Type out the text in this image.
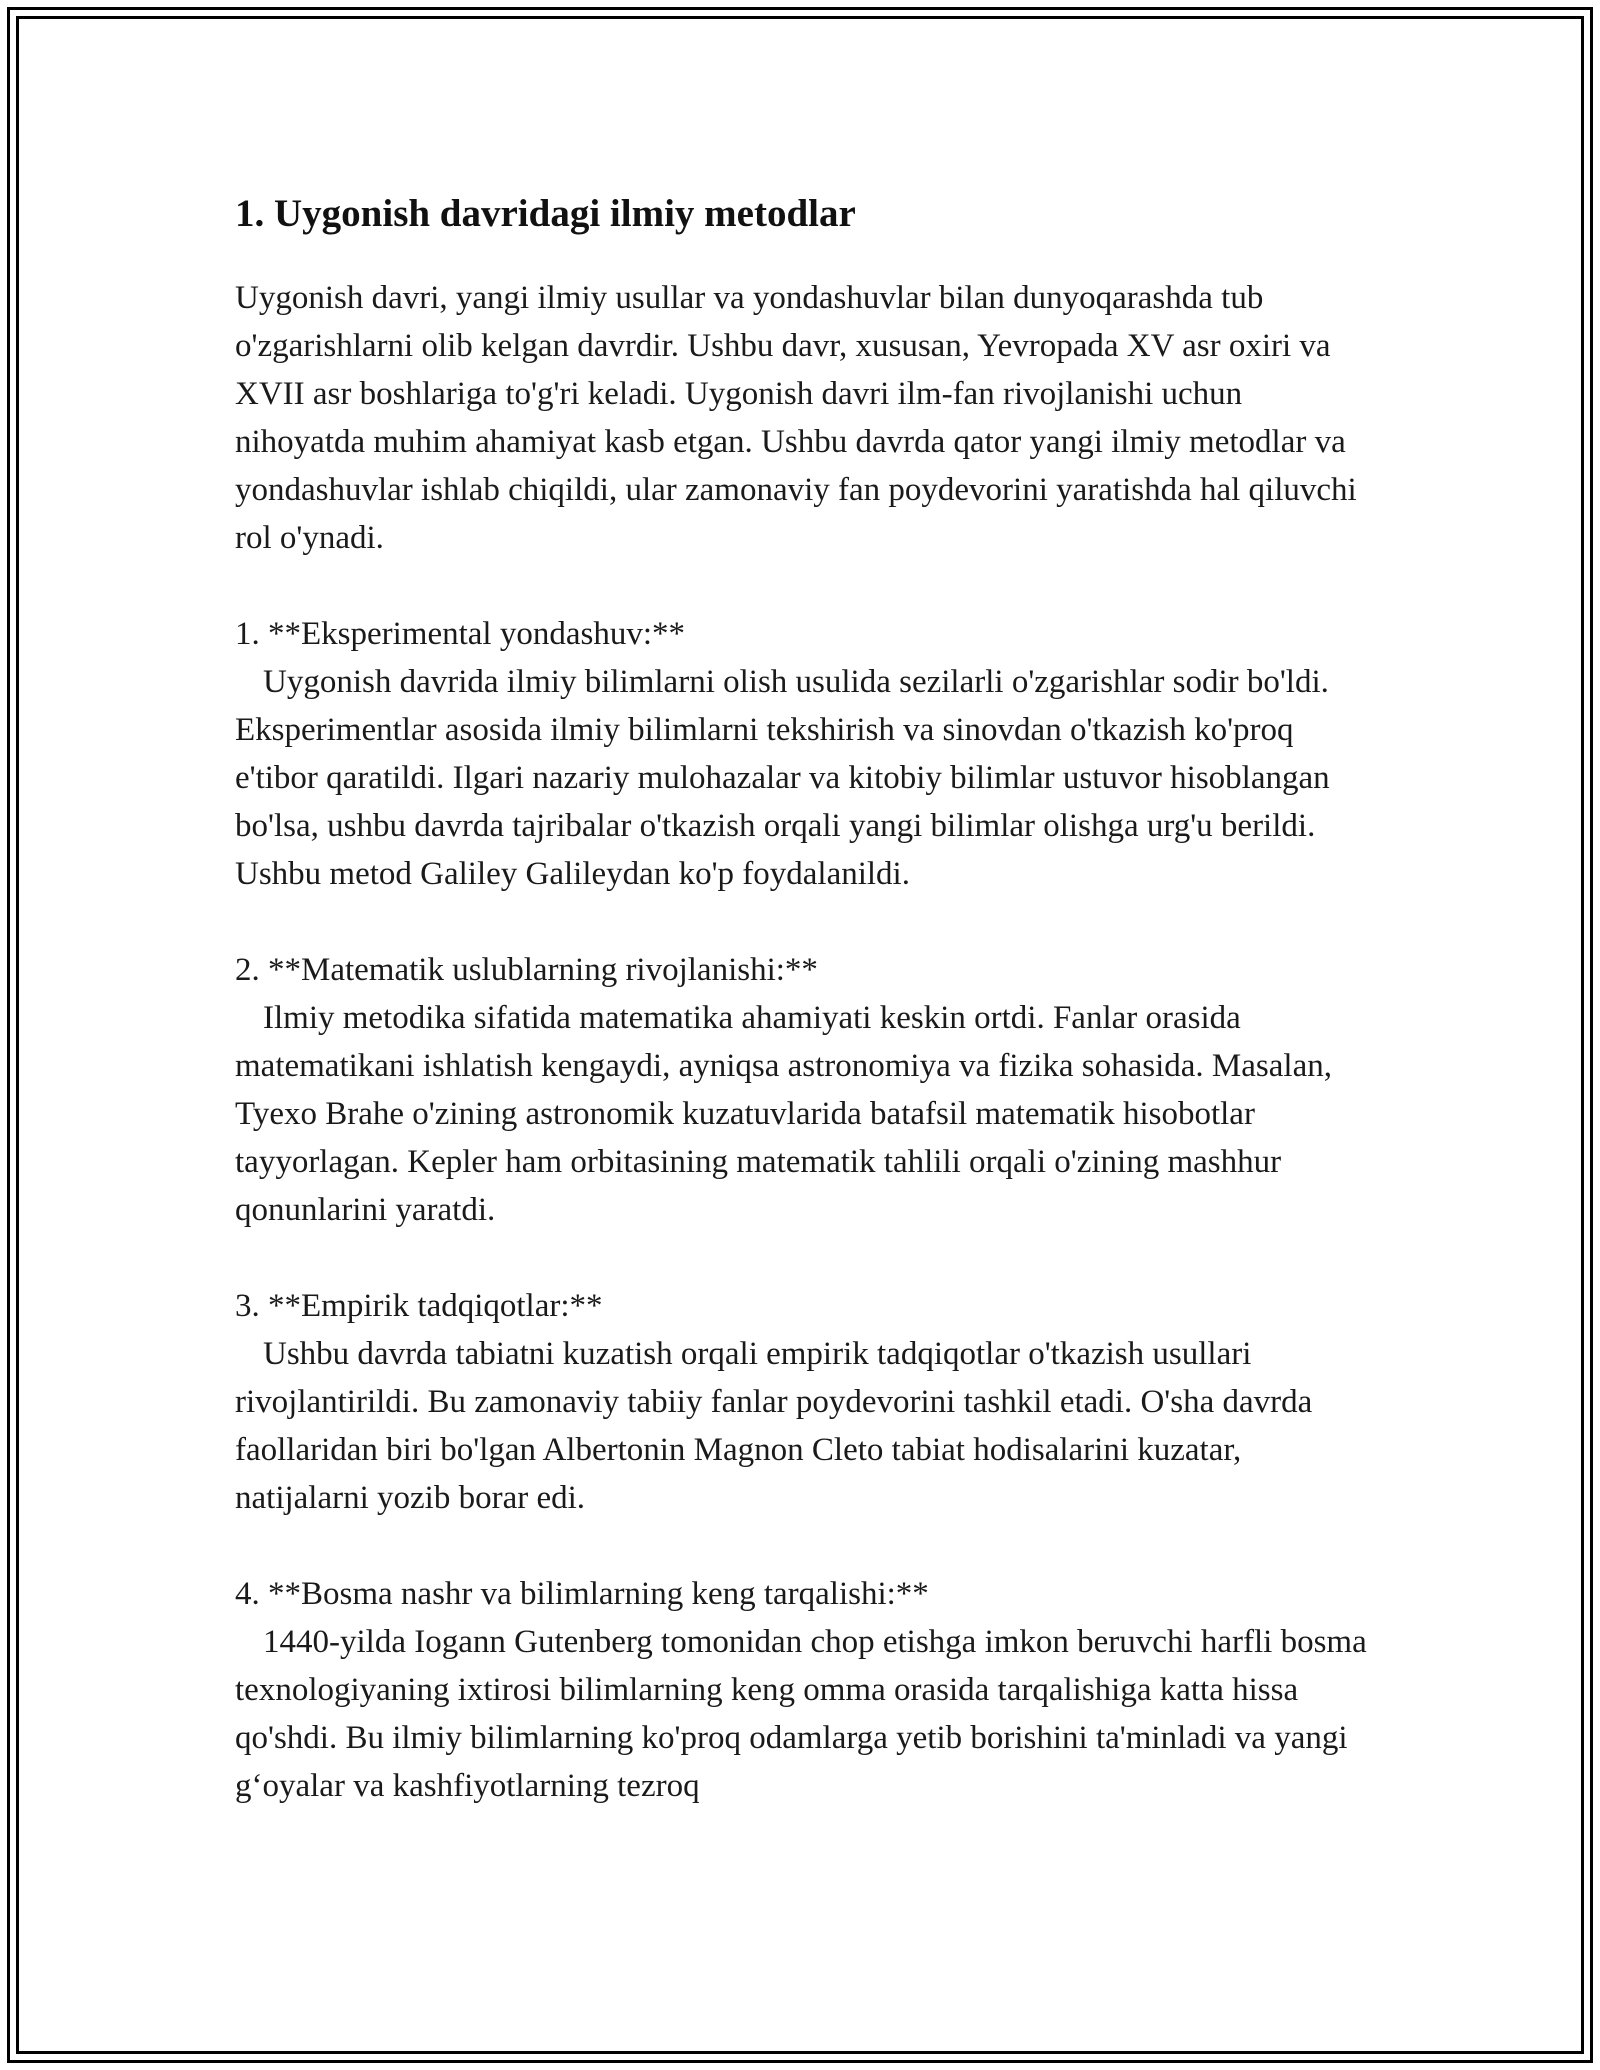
1. Uygonish davridagi ilmiy metodlar

Uygonish davri, yangi ilmiy usullar va yondashuvlar bilan dunyoqarashda tub o'zgarishlarni olib kelgan davrdir. Ushbu davr, xususan, Yevropada XV asr oxiri va XVII asr boshlariga to'g'ri keladi. Uygonish davri ilm-fan rivojlanishi uchun nihoyatda muhim ahamiyat kasb etgan. Ushbu davrda qator yangi ilmiy metodlar va yondashuvlar ishlab chiqildi, ular zamonaviy fan poydevorini yaratishda hal qiluvchi rol o'ynadi.

1. **Eksperimental yondashuv:**

Uygonish davrida ilmiy bilimlarni olish usulida sezilarli o'zgarishlar sodir bo'ldi. Eksperimentlar asosida ilmiy bilimlarni tekshirish va sinovdan o'tkazish ko'proq e'tibor qaratildi. Ilgari nazariy mulohazalar va kitobiy bilimlar ustuvor hisoblangan bo'lsa, ushbu davrda tajribalar o'tkazish orqali yangi bilimlar olishga urg'u berildi. Ushbu metod Galiley Galileydan ko'p foydalanildi.

2. **Matematik uslublarning rivojlanishi:**

Ilmiy metodika sifatida matematika ahamiyati keskin ortdi. Fanlar orasida matematikani ishlatish kengaydi, ayniqsa astronomiya va fizika sohasida. Masalan, Tyexo Brahe o'zining astronomik kuzatuvlarida batafsil matematik hisobotlar tayyorlagan. Kepler ham orbitasining matematik tahlili orqali o'zining mashhur qonunlarini yaratdi.

3. **Empirik tadqiqotlar:**

Ushbu davrda tabiatni kuzatish orqali empirik tadqiqotlar o'tkazish usullari rivojlantirildi. Bu zamonaviy tabiiy fanlar poydevorini tashkil etadi. O'sha davrda faollaridan biri bo'lgan Albertonin Magnon Cleto tabiat hodisalarini kuzatar, natijalarni yozib borar edi.

4. **Bosma nashr va bilimlarning keng tarqalishi:**

1440-yilda Iogann Gutenberg tomonidan chop etishga imkon beruvchi harfli bosma texnologiyaning ixtirosi bilimlarning keng omma orasida tarqalishiga katta hissa qo'shdi. Bu ilmiy bilimlarning ko'proq odamlarga yetib borishini ta'minladi va yangi g‘oyalar va kashfiyotlarning tezroq
